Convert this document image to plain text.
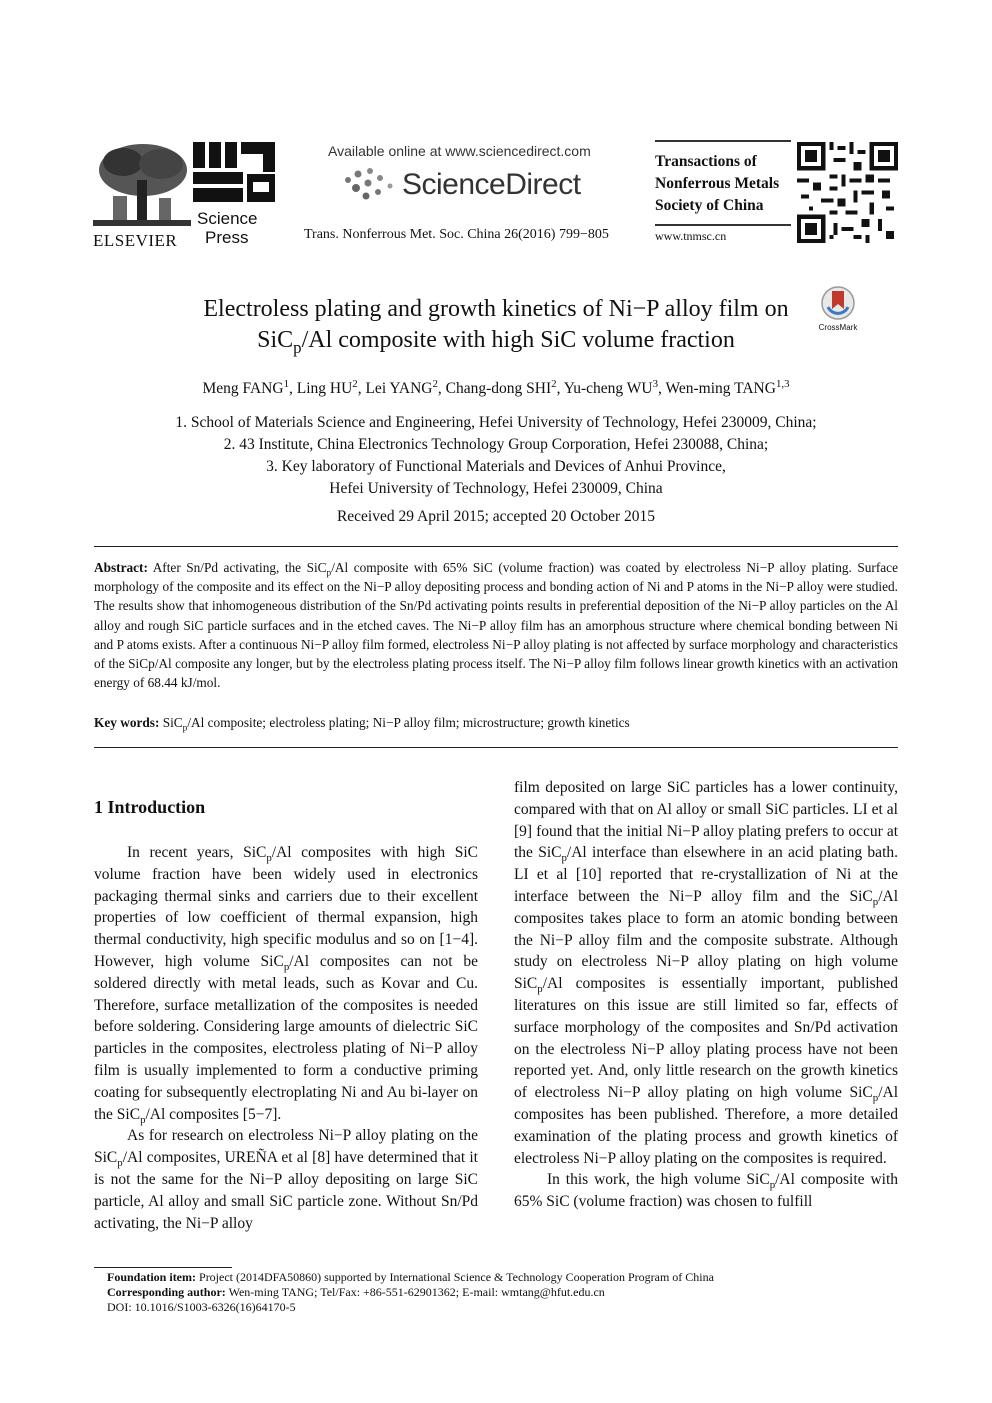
ELSEVIER
Science
Press
Available online at www.sciencedirect.com
ScienceDirect
Trans. Nonferrous Met. Soc. China 26(2016) 799−805
Transactions of
Nonferrous Metals
Society of China
www.tnmsc.cn
Electroless plating and growth kinetics of Ni−P alloy film on
SiC$_p$/Al composite with high SiC volume fraction	CrossMark
Meng FANG$^1$, Ling $HU^2$, Lei YANG$^2$, Chang-dong SHI$^2$, Yu-cheng $WU^3$, Wen-ming TANG$^{1,3}$
1. School of Materials Science and Engineering, Hefei University of Technology, Hefei 230009, China;
2. 43 Institute, China Electronics Technology Group Corporation, Hefei 230088, China;
3. Key laboratory of Functional Materials and Devices of Anhui Province,
Hefei University of Technology, Hefei 230009, China
Received 29 April 2015; accepted 20 October 2015
Abstract: After Sn/Pd activating, the SiC$_p$/Al composite with 65% SiC (volume fraction) was coated by electroless Ni−P alloy plating. Surface morphology of the composite and its effect on the Ni−P alloy depositing process and bonding action of Ni and P atoms in the Ni−P alloy were studied. The results show that inhomogeneous distribution of the Sn/Pd activating points results in preferential deposition of the Ni−P alloy particles on the Al alloy and rough SiC particle surfaces and in the etched caves. The Ni−P alloy film has an amorphous structure where chemical bonding between Ni and P atoms exists. After a continuous Ni−P alloy film formed, electroless Ni−P alloy plating is not affected by surface morphology and characteristics of the SiCp/Al composite any longer, but by the electroless plating process itself. The Ni−P alloy film follows linear growth kinetics with an activation energy of 68.44 kJ/mol.
Key words: SiC$_p$/Al composite; electroless plating; Ni−P alloy film; microstructure; growth kinetics
1 Introduction

In recent years, SiC$_p$/Al composites with high SiC volume fraction have been widely used in electronics packaging thermal sinks and carriers due to their excellent properties of low coefficient of thermal expansion, high thermal conductivity, high specific modulus and so on [1−4]. However, high volume SiC$_p$/Al composites can not be soldered directly with metal leads, such as Kovar and Cu. Therefore, surface metallization of the composites is needed before soldering. Considering large amounts of dielectric SiC particles in the composites, electroless plating of Ni−P alloy film is usually implemented to form a conductive priming coating for subsequently electroplating Ni and Au bi-layer on the SiC$_p$/Al composites [5−7].

As for research on electroless Ni−P alloy plating on the SiC$_p$/Al composites, UREÑA et al [8] have determined that it is not the same for the Ni−P alloy depositing on large SiC particle, Al alloy and small SiC particle zone. Without Sn/Pd activating, the Ni−P alloy

film deposited on large SiC particles has a lower continuity, compared with that on Al alloy or small SiC particles. LI et al [9] found that the initial Ni−P alloy plating prefers to occur at the SiC$_p$/Al interface than elsewhere in an acid plating bath. LI et al [10] reported that re-crystallization of Ni at the interface between the Ni−P alloy film and the SiC$_p$/Al composites takes place to form an atomic bonding between the Ni−P alloy film and the composite substrate. Although study on electroless Ni−P alloy plating on high volume SiC$_p$/Al composites is essentially important, published literatures on this issue are still limited so far, effects of surface morphology of the composites and Sn/Pd activation on the electroless Ni−P alloy plating process have not been reported yet. And, only little research on the growth kinetics of electroless Ni−P alloy plating on high volume SiC$_p$/Al composites has been published. Therefore, a more detailed examination of the plating process and growth kinetics of electroless Ni−P alloy plating on the composites is required.

In this work, the high volume SiC$_p$/Al composite with 65% SiC (volume fraction) was chosen to fulfill

Foundation item: Project (2014DFA50860) supported by International Science & Technology Cooperation Program of China
Corresponding author: Wen-ming TANG; Tel/Fax: +86-551-62901362; E-mail: wmtang@hfut.edu.cn
DOI: 10.1016/S1003-6326(16)64170-5
